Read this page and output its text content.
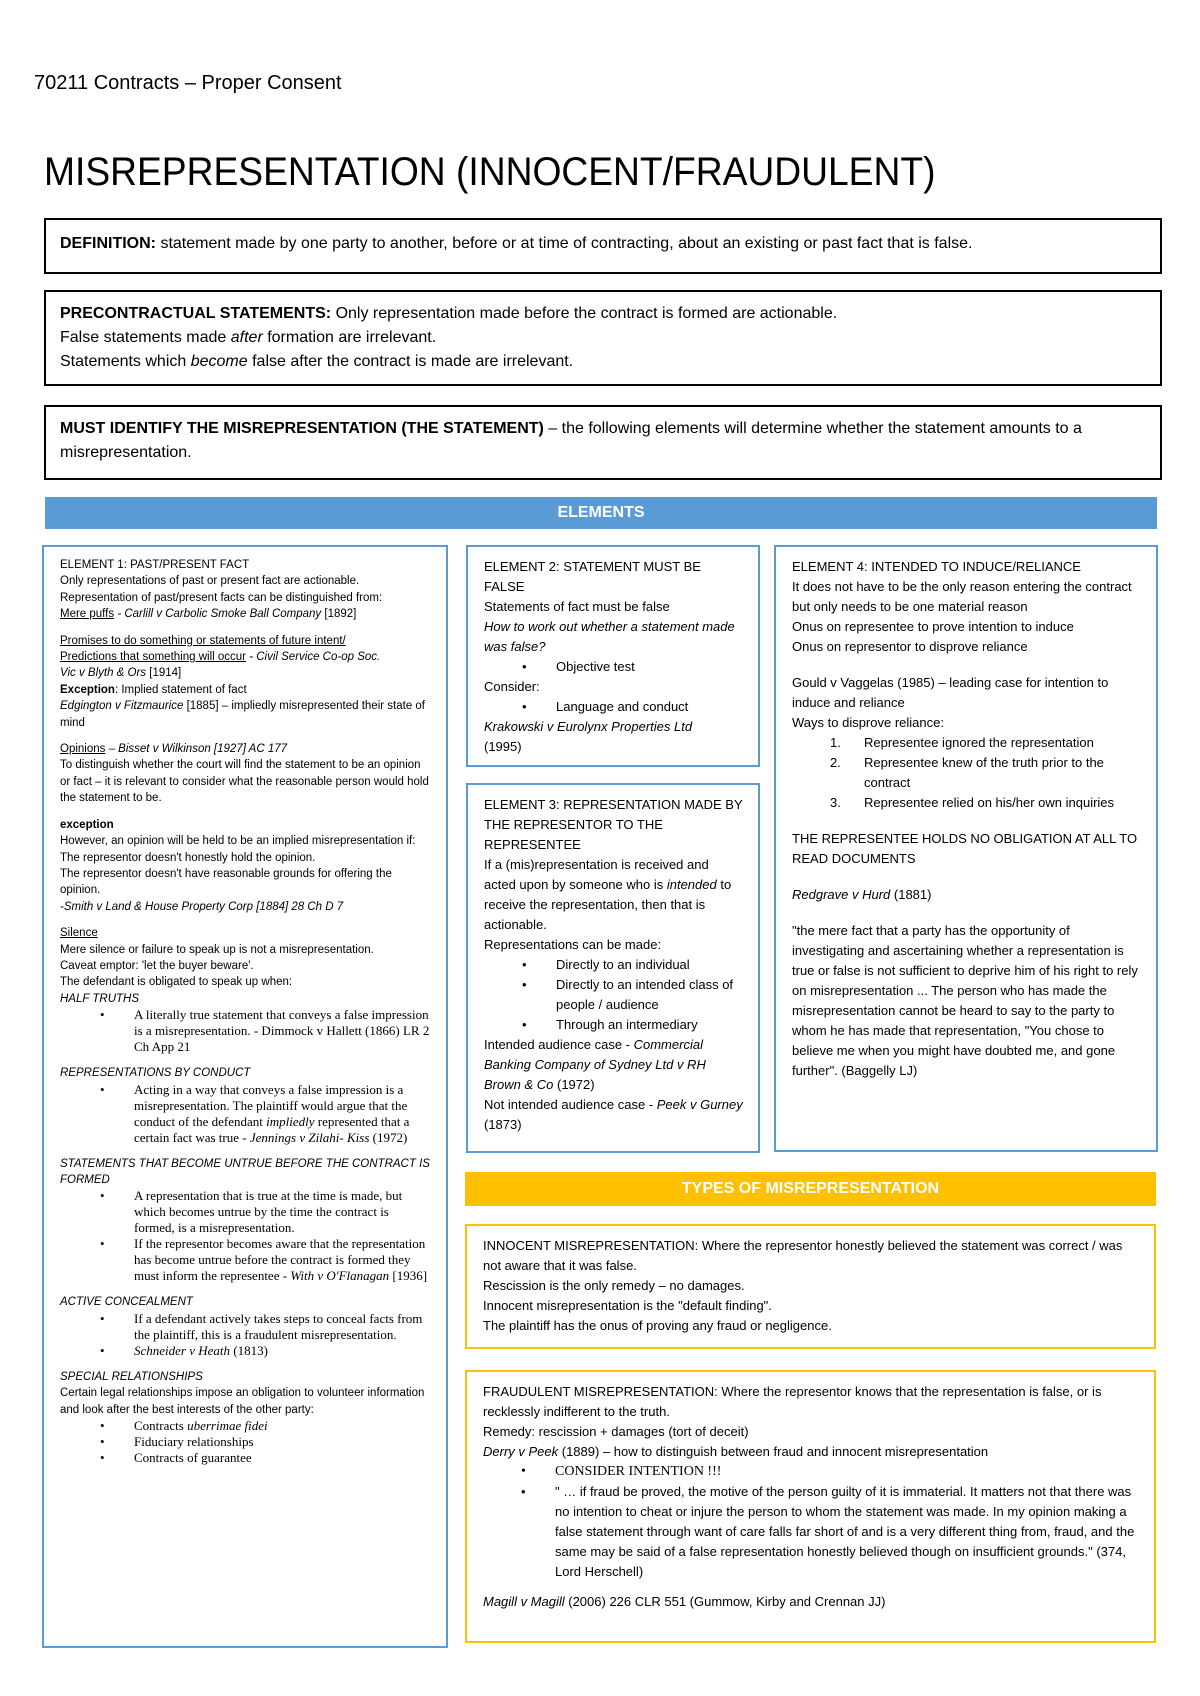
70211 Contracts – Proper Consent
MISREPRESENTATION (INNOCENT/FRAUDULENT)
DEFINITION: statement made by one party to another, before or at time of contracting, about an existing or past fact that is false.
PRECONTRACTUAL STATEMENTS: Only representation made before the contract is formed are actionable.
False statements made after formation are irrelevant.
Statements which become false after the contract is made are irrelevant.
MUST IDENTIFY THE MISREPRESENTATION (THE STATEMENT) – the following elements will determine whether the statement amounts to a misrepresentation.
ELEMENTS
ELEMENT 1: PAST/PRESENT FACT
Only representations of past or present fact are actionable.
Representation of past/present facts can be distinguished from:
Mere puffs - Carlill v Carbolic Smoke Ball Company [1892]
Promises to do something or statements of future intent/
Predictions that something will occur - Civil Service Co-op Soc.
Vic v Blyth & Ors [1914]
Exception: Implied statement of fact
Edgington v Fitzmaurice [1885] – impliedly misrepresented their state of mind
Opinions – Bisset v Wilkinson [1927] AC 177
To distinguish whether the court will find the statement to be an opinion or fact – it is relevant to consider what the reasonable person would hold the statement to be.
exception
However, an opinion will be held to be an implied misrepresentation if:
The representor doesn't honestly hold the opinion.
The representor doesn't have reasonable grounds for offering the opinion.
-Smith v Land & House Property Corp [1884] 28 Ch D 7
Silence
Mere silence or failure to speak up is not a misrepresentation.
Caveat emptor: 'let the buyer beware'.
The defendant is obligated to speak up when:
HALF TRUTHS
• A literally true statement that conveys a false impression is a misrepresentation. - Dimmock v Hallett (1866) LR 2 Ch App 21
REPRESENTATIONS BY CONDUCT
• Acting in a way that conveys a false impression is a misrepresentation. The plaintiff would argue that the conduct of the defendant impliedly represented that a certain fact was true - Jennings v Zilahi- Kiss (1972)
STATEMENTS THAT BECOME UNTRUE BEFORE THE CONTRACT IS FORMED
• A representation that is true at the time is made, but which becomes untrue by the time the contract is formed, is a misrepresentation.
• If the representor becomes aware that the representation has become untrue before the contract is formed they must inform the representee - With v O'Flanagan [1936]
ACTIVE CONCEALMENT
• If a defendant actively takes steps to conceal facts from the plaintiff, this is a fraudulent misrepresentation.
• Schneider v Heath (1813)
SPECIAL RELATIONSHIPS
Certain legal relationships impose an obligation to volunteer information and look after the best interests of the other party:
• Contracts uberrimae fidei
• Fiduciary relationships
• Contracts of guarantee
ELEMENT 2: STATEMENT MUST BE FALSE
Statements of fact must be false
How to work out whether a statement made was false?
• Objective test
Consider:
• Language and conduct
Krakowski v Eurolynx Properties Ltd
(1995)
ELEMENT 3: REPRESENTATION MADE BY THE REPRESENTOR TO THE REPRESENTEE
If a (mis)representation is received and acted upon by someone who is intended to receive the representation, then that is actionable.
Representations can be made:
• Directly to an individual
• Directly to an intended class of people / audience
• Through an intermediary
Intended audience case - Commercial Banking Company of Sydney Ltd v RH Brown & Co (1972)
Not intended audience case - Peek v Gurney (1873)
ELEMENT 4: INTENDED TO INDUCE/RELIANCE
It does not have to be the only reason entering the contract but only needs to be one material reason
Onus on representee to prove intention to induce
Onus on representor to disprove reliance
Gould v Vaggelas (1985) – leading case for intention to induce and reliance
Ways to disprove reliance:
1. Representee ignored the representation
2. Representee knew of the truth prior to the contract
3. Representee relied on his/her own inquiries
THE REPRESENTEE HOLDS NO OBLIGATION AT ALL TO READ DOCUMENTS
Redgrave v Hurd (1881)
"the mere fact that a party has the opportunity of investigating and ascertaining whether a representation is true or false is not sufficient to deprive him of his right to rely on misrepresentation ... The person who has made the misrepresentation cannot be heard to say to the party to whom he has made that representation, "You chose to believe me when you might have doubted me, and gone further". (Baggelly LJ)
TYPES OF MISREPRESENTATION
INNOCENT MISREPRESENTATION: Where the representor honestly believed the statement was correct / was not aware that it was false.
Rescission is the only remedy – no damages.
Innocent misrepresentation is the "default finding".
The plaintiff has the onus of proving any fraud or negligence.
FRAUDULENT MISREPRESENTATION: Where the representor knows that the representation is false, or is recklessly indifferent to the truth.
Remedy: rescission + damages (tort of deceit)
Derry v Peek (1889) – how to distinguish between fraud and innocent misrepresentation
• CONSIDER INTENTION !!!
• " … if fraud be proved, the motive of the person guilty of it is immaterial. It matters not that there was no intention to cheat or injure the person to whom the statement was made. In my opinion making a false statement through want of care falls far short of and is a very different thing from, fraud, and the same may be said of a false representation honestly believed though on insufficient grounds." (374, Lord Herschell)
Magill v Magill (2006) 226 CLR 551 (Gummow, Kirby and Crennan JJ)
